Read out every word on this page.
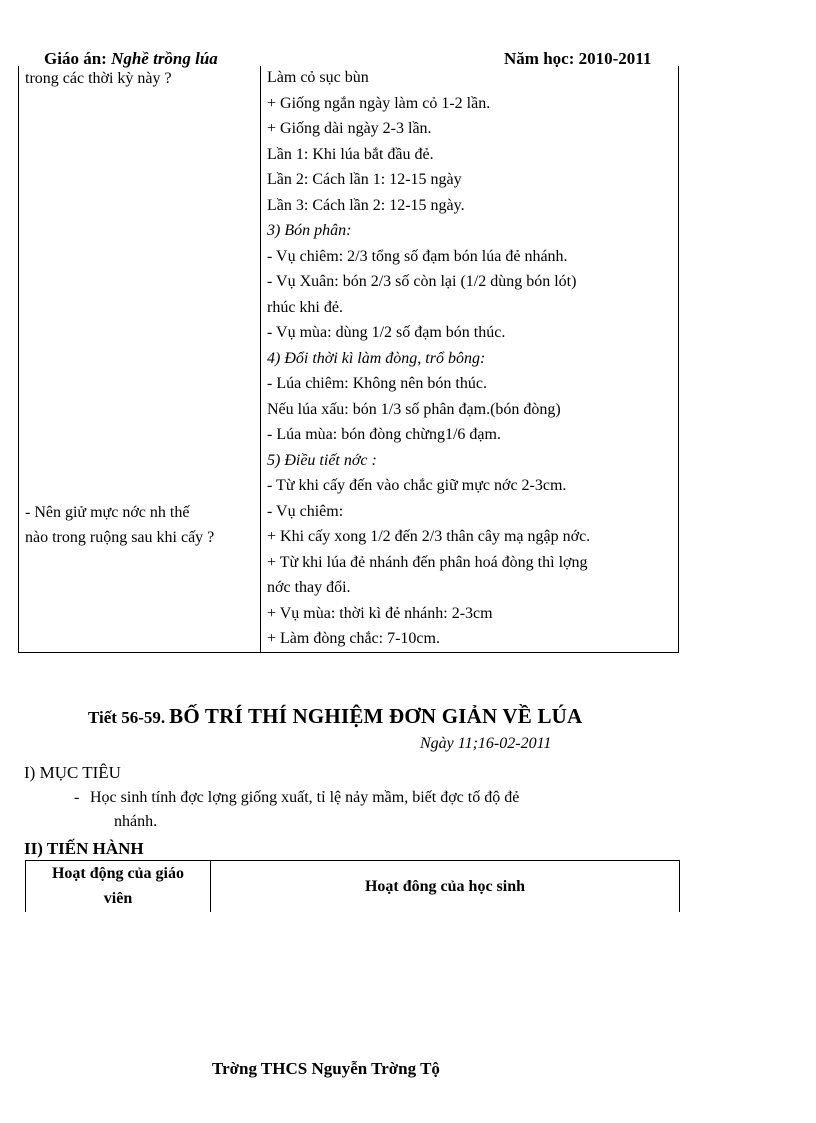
Giáo án: Nghề trồng lúa	Năm học: 2010-2011
trong các thời kỳ này ?
- Nên giử mực nớc nh thế
nào trong ruộng sau khi cấy ?
Làm cỏ sục bùn
+ Giống ngắn ngày làm cỏ 1-2 lần.
+ Giống dài ngày 2-3 lần.
Lần 1: Khi lúa bắt đầu đẻ.
Lần 2: Cách lần 1: 12-15 ngày
Lần 3: Cách lần 2: 12-15 ngày.
3) Bón phân:
- Vụ chiêm: 2/3 tổng số đạm bón lúa đẻ nhánh.
- Vụ Xuân: bón 2/3 số còn lại (1/2 dùng bón lót)
rhúc khi đẻ.
- Vụ mùa: dùng 1/2 số đạm bón thúc.
4) Đổi thời kì làm đòng, trổ bông:
- Lúa chiêm: Không nên bón thúc.
Nếu lúa xấu: bón 1/3 số phân đạm.(bón đòng)
- Lúa mùa: bón đòng chừng1/6 đạm.
5) Điều tiết nớc :
- Từ khi cấy đến vào chắc giữ mực nớc 2-3cm.
- Vụ chiêm:
+ Khi cấy xong 1/2 đến 2/3 thân cây mạ ngập nớc.
+ Từ khi lúa đẻ nhánh đến phân hoá đòng thì lợng
nớc thay đổi.
+ Vụ mùa: thời kì đẻ nhánh: 2-3cm
+ Làm đòng chắc: 7-10cm.
Tiết 56-59. BỐ TRÍ THÍ NGHIỆM ĐƠN GIẢN VỀ LÚA
Ngày 11;16-02-2011
I) MỤC TIÊU
- Học sinh tính đợc lợng giống xuất, tỉ lệ nảy mầm, biết đợc tố độ đẻ
nhánh.
II) TIẾN HÀNH
Hoạt động của giáo
viên
Hoạt đông của học sinh
Trờng THCS Nguyễn Trờng Tộ
